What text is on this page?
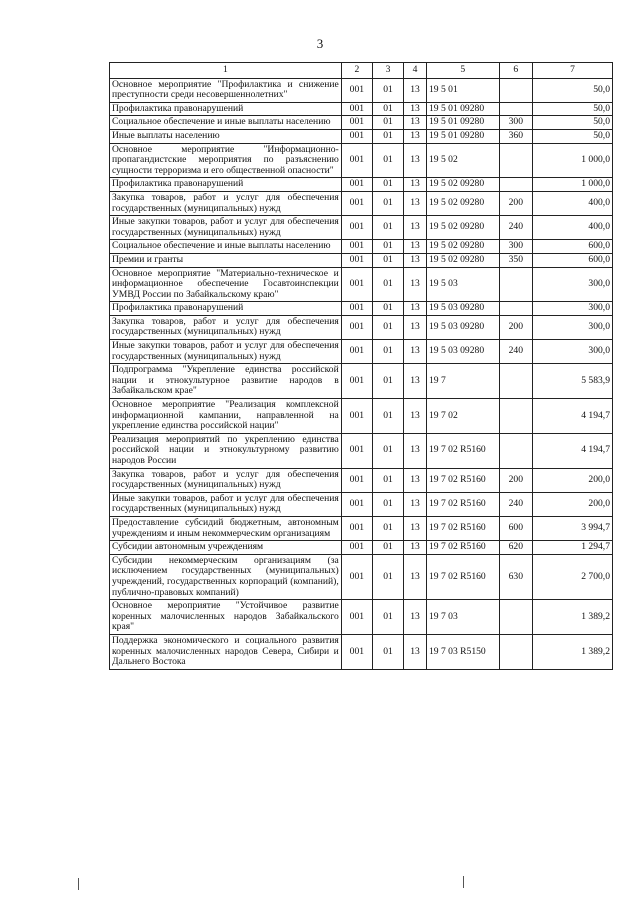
3
1	2	3	4	5	6	7
Основное мероприятие "Профилактика и снижение преступности среди несовершеннолетних"	001	01	13	19 5 01		50,0
Профилактика правонарушений	001	01	13	19 5 01 09280		50,0
Социальное обеспечение и иные выплаты населению	001	01	13	19 5 01 09280	300	50,0
Иные выплаты населению	001	01	13	19 5 01 09280	360	50,0
Основное мероприятие "Информационно-пропагандистские мероприятия по разъяснению сущности терроризма и его общественной опасности"	001	01	13	19 5 02		1 000,0
Профилактика правонарушений	001	01	13	19 5 02 09280		1 000,0
Закупка товаров, работ и услуг для обеспечения государственных (муниципальных) нужд	001	01	13	19 5 02 09280	200	400,0
Иные закупки товаров, работ и услуг для обеспечения государственных (муниципальных) нужд	001	01	13	19 5 02 09280	240	400,0
Социальное обеспечение и иные выплаты населению	001	01	13	19 5 02 09280	300	600,0
Премии и гранты	001	01	13	19 5 02 09280	350	600,0
Основное мероприятие "Материально-техническое и информационное обеспечение Госавтоинспекции УМВД России по Забайкальскому краю"	001	01	13	19 5 03		300,0
Профилактика правонарушений	001	01	13	19 5 03 09280		300,0
Закупка товаров, работ и услуг для обеспечения государственных (муниципальных) нужд	001	01	13	19 5 03 09280	200	300,0
Иные закупки товаров, работ и услуг для обеспечения государственных (муниципальных) нужд	001	01	13	19 5 03 09280	240	300,0
Подпрограмма "Укрепление единства российской нации и этнокультурное развитие народов в Забайкальском крае"	001	01	13	19 7		5 583,9
Основное мероприятие "Реализация комплексной информационной кампании, направленной на укрепление единства российской нации"	001	01	13	19 7 02		4 194,7
Реализация мероприятий по укреплению единства российской нации и этнокультурному развитию народов России	001	01	13	19 7 02 R5160		4 194,7
Закупка товаров, работ и услуг для обеспечения государственных (муниципальных) нужд	001	01	13	19 7 02 R5160	200	200,0
Иные закупки товаров, работ и услуг для обеспечения государственных (муниципальных) нужд	001	01	13	19 7 02 R5160	240	200,0
Предоставление субсидий бюджетным, автономным учреждениям и иным некоммерческим организациям	001	01	13	19 7 02 R5160	600	3 994,7
Субсидии автономным учреждениям	001	01	13	19 7 02 R5160	620	1 294,7
Субсидии некоммерческим организациям (за исключением государственных (муниципальных) учреждений, государственных корпораций (компаний), публично-правовых компаний)	001	01	13	19 7 02 R5160	630	2 700,0
Основное мероприятие "Устойчивое развитие коренных малочисленных народов Забайкальского края"	001	01	13	19 7 03		1 389,2
Поддержка экономического и социального развития коренных малочисленных народов Севера, Сибири и Дальнего Востока	001	01	13	19 7 03 R5150		1 389,2
